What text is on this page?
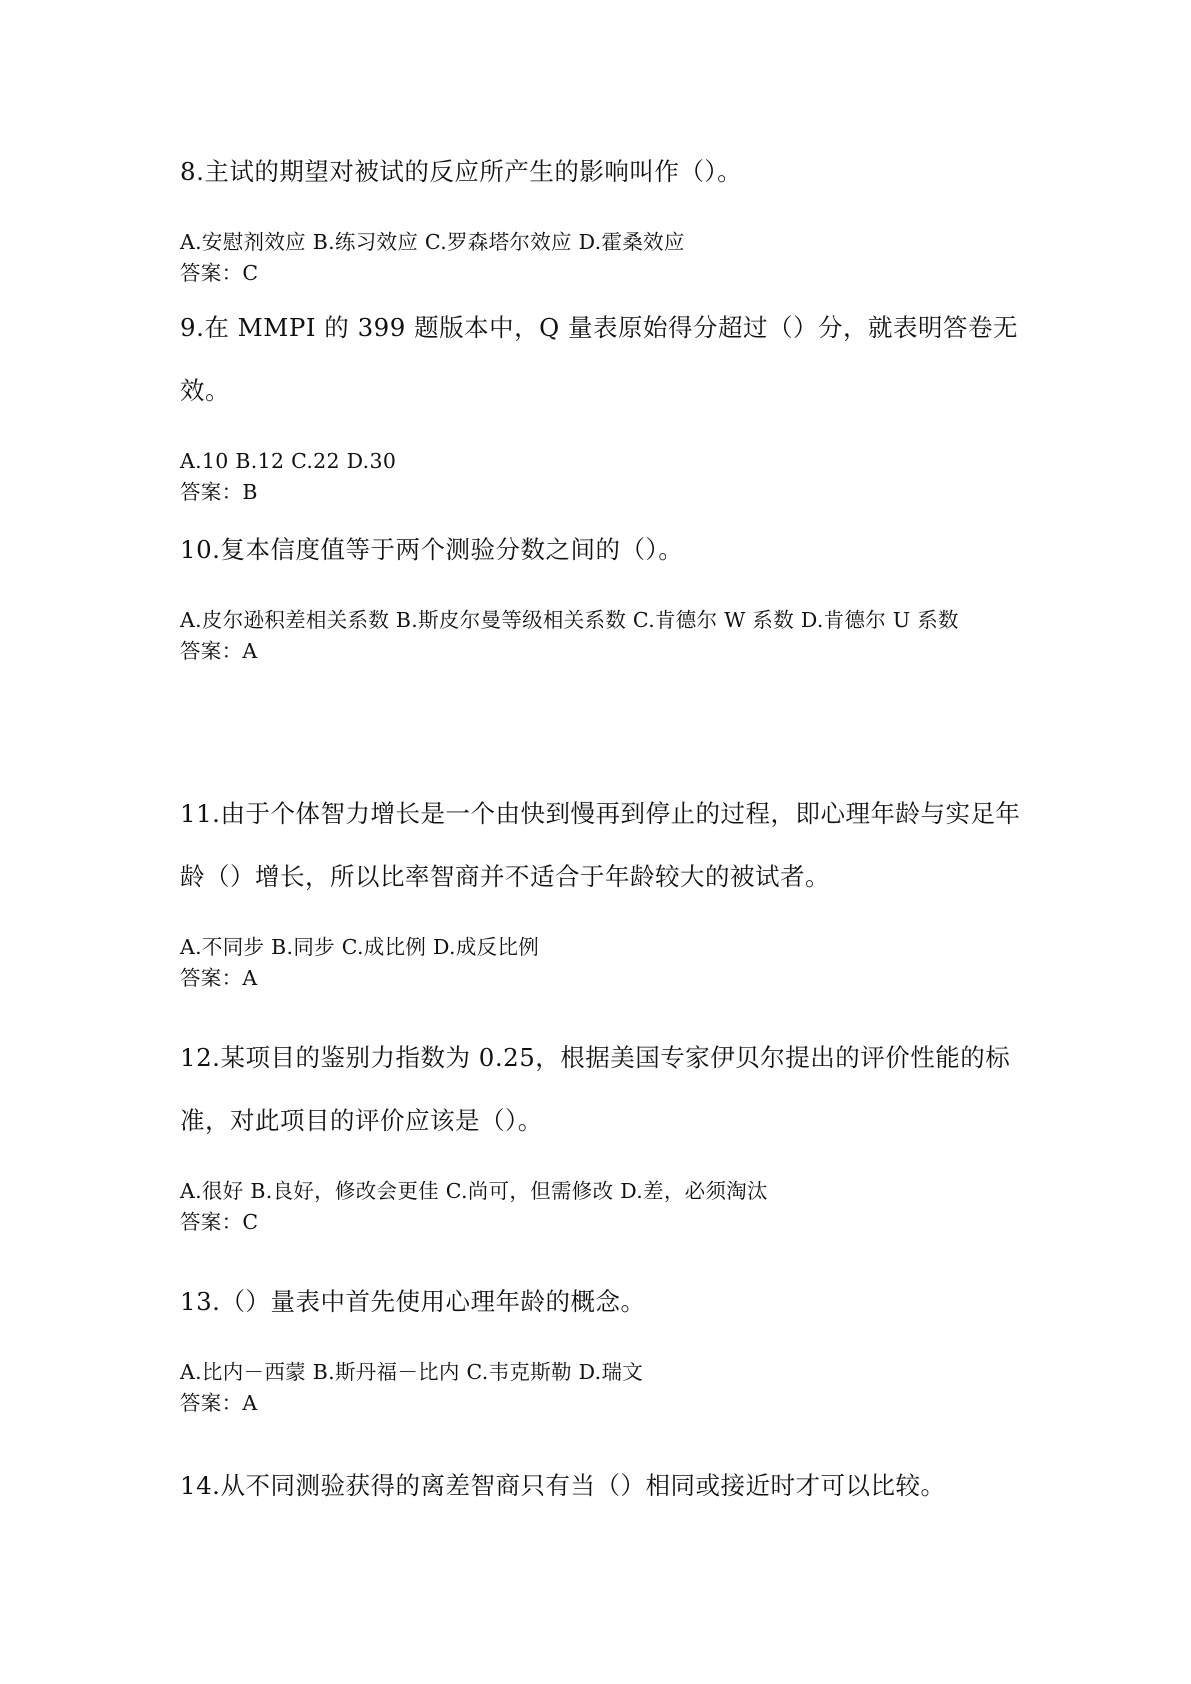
8.主试的期望对被试的反应所产生的影响叫作（）。

A.安慰剂效应 B.练习效应 C.罗森塔尔效应 D.霍桑效应

答案：C

9.在 MMPI 的 399 题版本中，Q 量表原始得分超过（）分，就表明答卷无效。

A.10 B.12 C.22 D.30

答案：B

10.复本信度值等于两个测验分数之间的（）。

A.皮尔逊积差相关系数 B.斯皮尔曼等级相关系数 C.肯德尔 W 系数 D.肯德尔 U 系数

答案：A

11.由于个体智力增长是一个由快到慢再到停止的过程，即心理年龄与实足年龄（）增长，所以比率智商并不适合于年龄较大的被试者。

A.不同步 B.同步 C.成比例 D.成反比例

答案：A

12.某项目的鉴别力指数为 0.25，根据美国专家伊贝尔提出的评价性能的标准，对此项目的评价应该是（）。

A.很好 B.良好，修改会更佳 C.尚可，但需修改 D.差，必须淘汰

答案：C

13.（）量表中首先使用心理年龄的概念。

A.比内－西蒙 B.斯丹福－比内 C.韦克斯勒 D.瑞文

答案：A

14.从不同测验获得的离差智商只有当（）相同或接近时才可以比较。
